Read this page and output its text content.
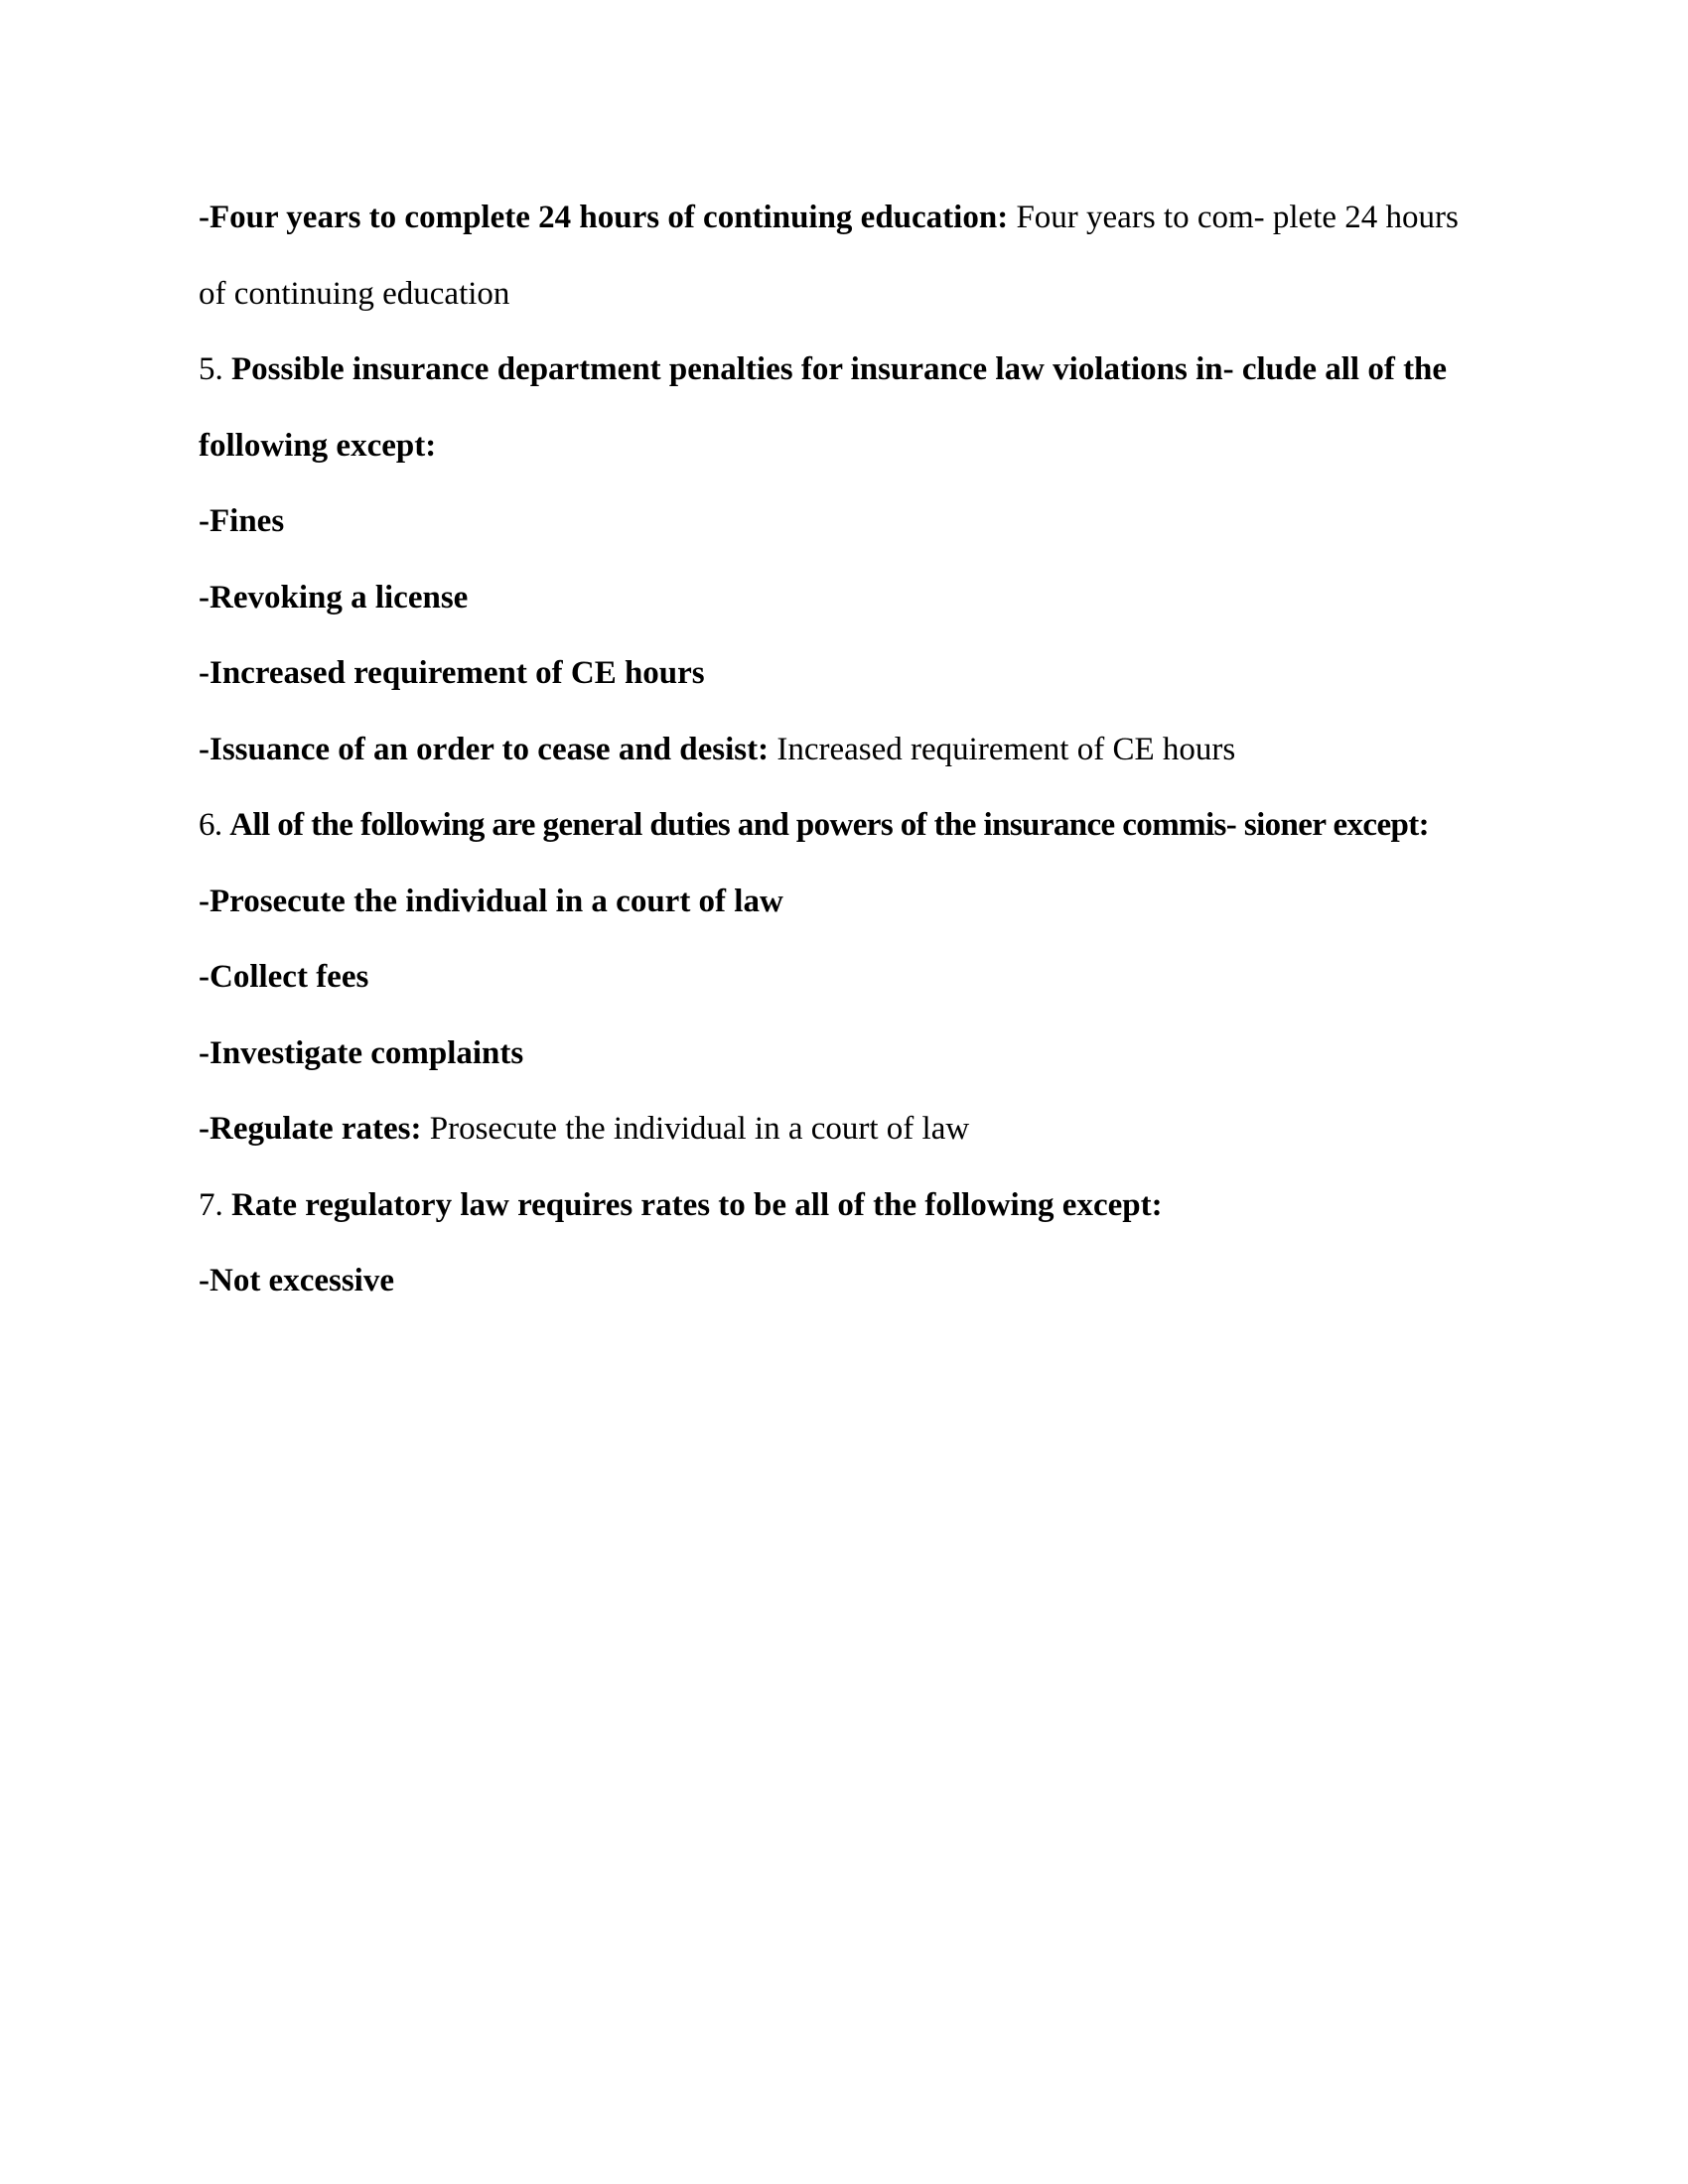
-Four years to complete 24 hours of continuing education: Four years to com- plete 24 hours

of continuing education

5. Possible insurance department penalties for insurance law violations in- clude all of the

following except:

-Fines

-Revoking a license

-Increased requirement of CE hours

-Issuance of an order to cease and desist: Increased requirement of CE hours

6. All of the following are general duties and powers of the insurance commis- sioner except:

-Prosecute the individual in a court of law

-Collect fees

-Investigate complaints

-Regulate rates: Prosecute the individual in a court of law

7. Rate regulatory law requires rates to be all of the following except:

-Not excessive
